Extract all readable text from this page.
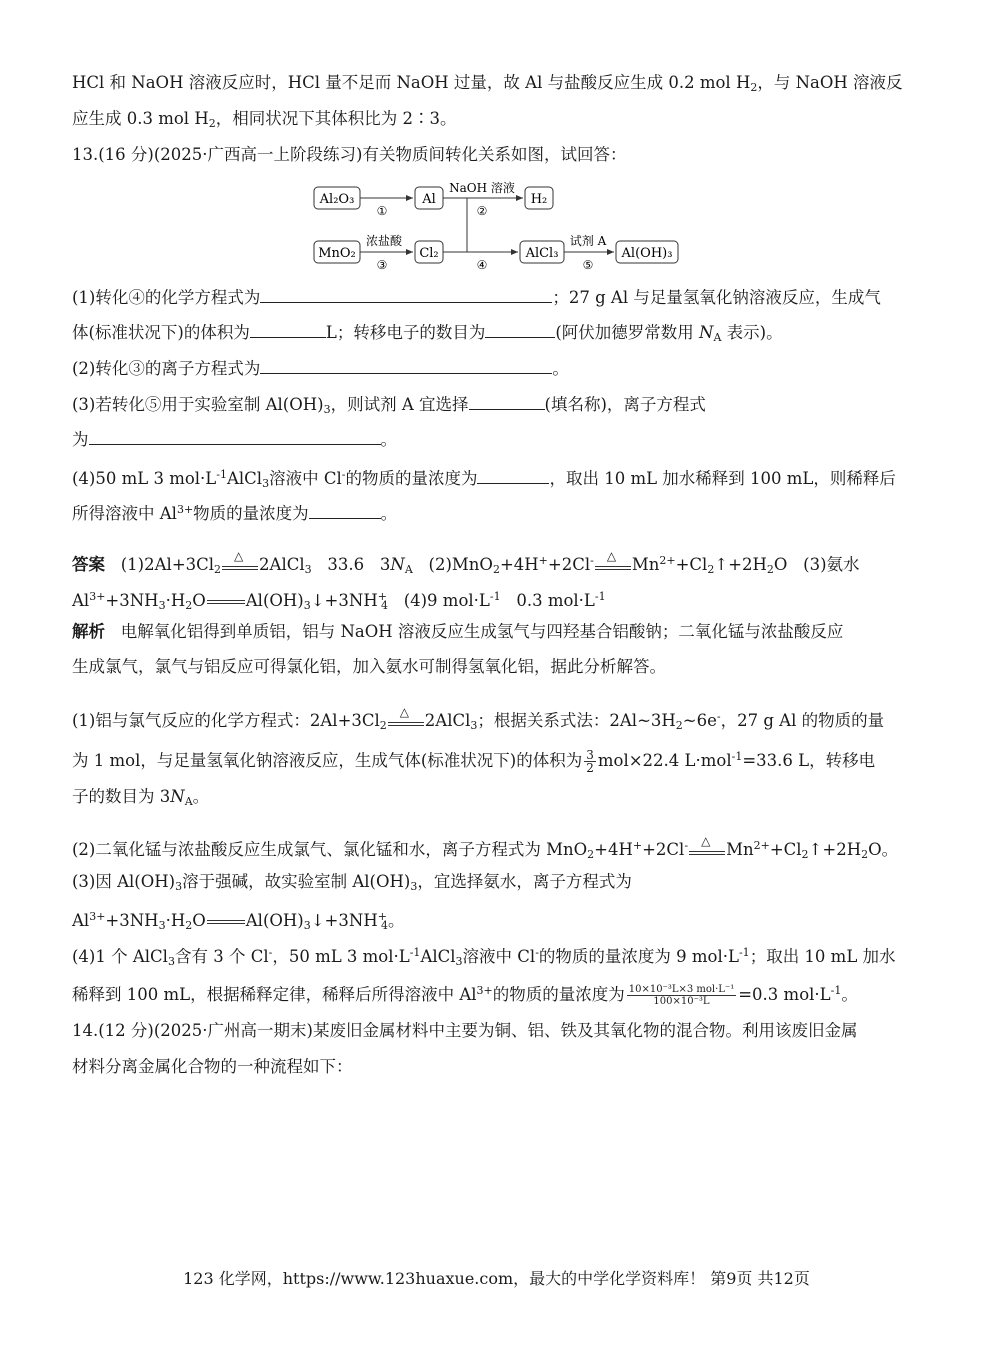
HCl 和 NaOH 溶液反应时，HCl 量不足而 NaOH 过量，故 Al 与盐酸反应生成 0.2 mol $H_2$，与 NaOH 溶液反
应生成 0.3 mol $H_2$，相同状况下其体积比为 2∶3。
13.(16 分)(2025·广西高一上阶段练习)有关物质间转化关系如图，试回答：
Al₂O₃	Al	H₂
①
NaOH 溶液
②
MnO₂	Cl₂	AlCl₃	Al(OH)₃
浓盐酸
③	④
试剂 A
⑤
(1)转化④的化学方程式为	；27 g Al 与足量氢氧化钠溶液反应，生成气
体(标准状况下)的体积为	L；转移电子的数目为	(阿伏加德罗常数用 $N_A$ 表示)。
(2)转化③的离子方程式为	。
(3)若转化⑤用于实验室制 $Al(OH)_3$，则试剂 A 宜选择	(填名称)，离子方程式
为	。
(4)50 mL 3 $mol\cdot L^{-1}AlCl_3$溶液中 Cl-的物质的量浓度为	，取出 10 mL 加水稀释到 100 mL，则稀释后
所得溶液中 $Al^{3+}$物质的量浓度为	。
答案 $(1)2Al+3Cl_2$
△ 2AlCl$_3$ 33.6 $3N_A$ (2)MnO$_2$+4H++2Cl- △ $Mn^{2+}+Cl_2↑+2H_2O$ (3)氨水
$Al^{3+}+3NH_3\cdot H_2O$ $Al(OH)_3↓+3NH^+_4$ (4)9 $mol\cdot L^{-1}$ 0.3 $mol\cdot L^{-1}$
解析 电解氧化铝得到单质铝，铝与 NaOH 溶液反应生成氢气与四羟基合铝酸钠；二氧化锰与浓盐酸反应
生成氯气，氯气与铝反应可得氯化铝，加入氨水可制得氢氧化铝，据此分析解答。
(1)铝与氯气反应的化学方程式：$2Al+3Cl_2$
△ 2AlCl$_3$；根据关系式法：$2Al\sim 3H_2\sim 6e^-$，27 g Al 的物质的量
为 1 mol，与足量氢氧化钠溶液反应，生成气体(标准状况下)的体积为 $\frac{3}{2} mol\times 22.4$ L·mol$^{-1}$=33.6 L，转移电
子的数目为 $3N_A$。
(2)二氧化锰与浓盐酸反应生成氯气、氯化锰和水，离子方程式为 MnO$_2$+4H++2Cl- △ $Mn^{2+}+Cl_2↑+2H_2O$。
(3)因 $Al(OH)_3$溶于强碱，故实验室制 $Al(OH)_3$，宜选择氨水，离子方程式为
$Al^{3+}+3NH_3\cdot H_2O$ $Al(OH)_3↓+3NH^+_4$。
(4)1 个 AlCl$_3$含有 3 个 Cl-，50 mL 3 $mol\cdot L^{-1}AlCl_3$溶液中 Cl-的物质的量浓度为 9 $mol\cdot L^{-1}$；取出 10 mL 加水
稀释到 100 mL，根据稀释定律，稀释后所得溶液中 $Al^{3+}$的物质的量浓度为 $\frac{\text{10×10⁻³L×3 mol·L⁻¹}}{\text{100×10⁻³L}} =0.3$ $mol\cdot L^{-1}$。
14.(12 分)(2025·广州高一期末)某废旧金属材料中主要为铜、铝、铁及其氧化物的混合物。利用该废旧金属
材料分离金属化合物的一种流程如下：
123 化学网，https://www.123huaxue.com，最大的中学化学资料库！ 第9页 共12页
